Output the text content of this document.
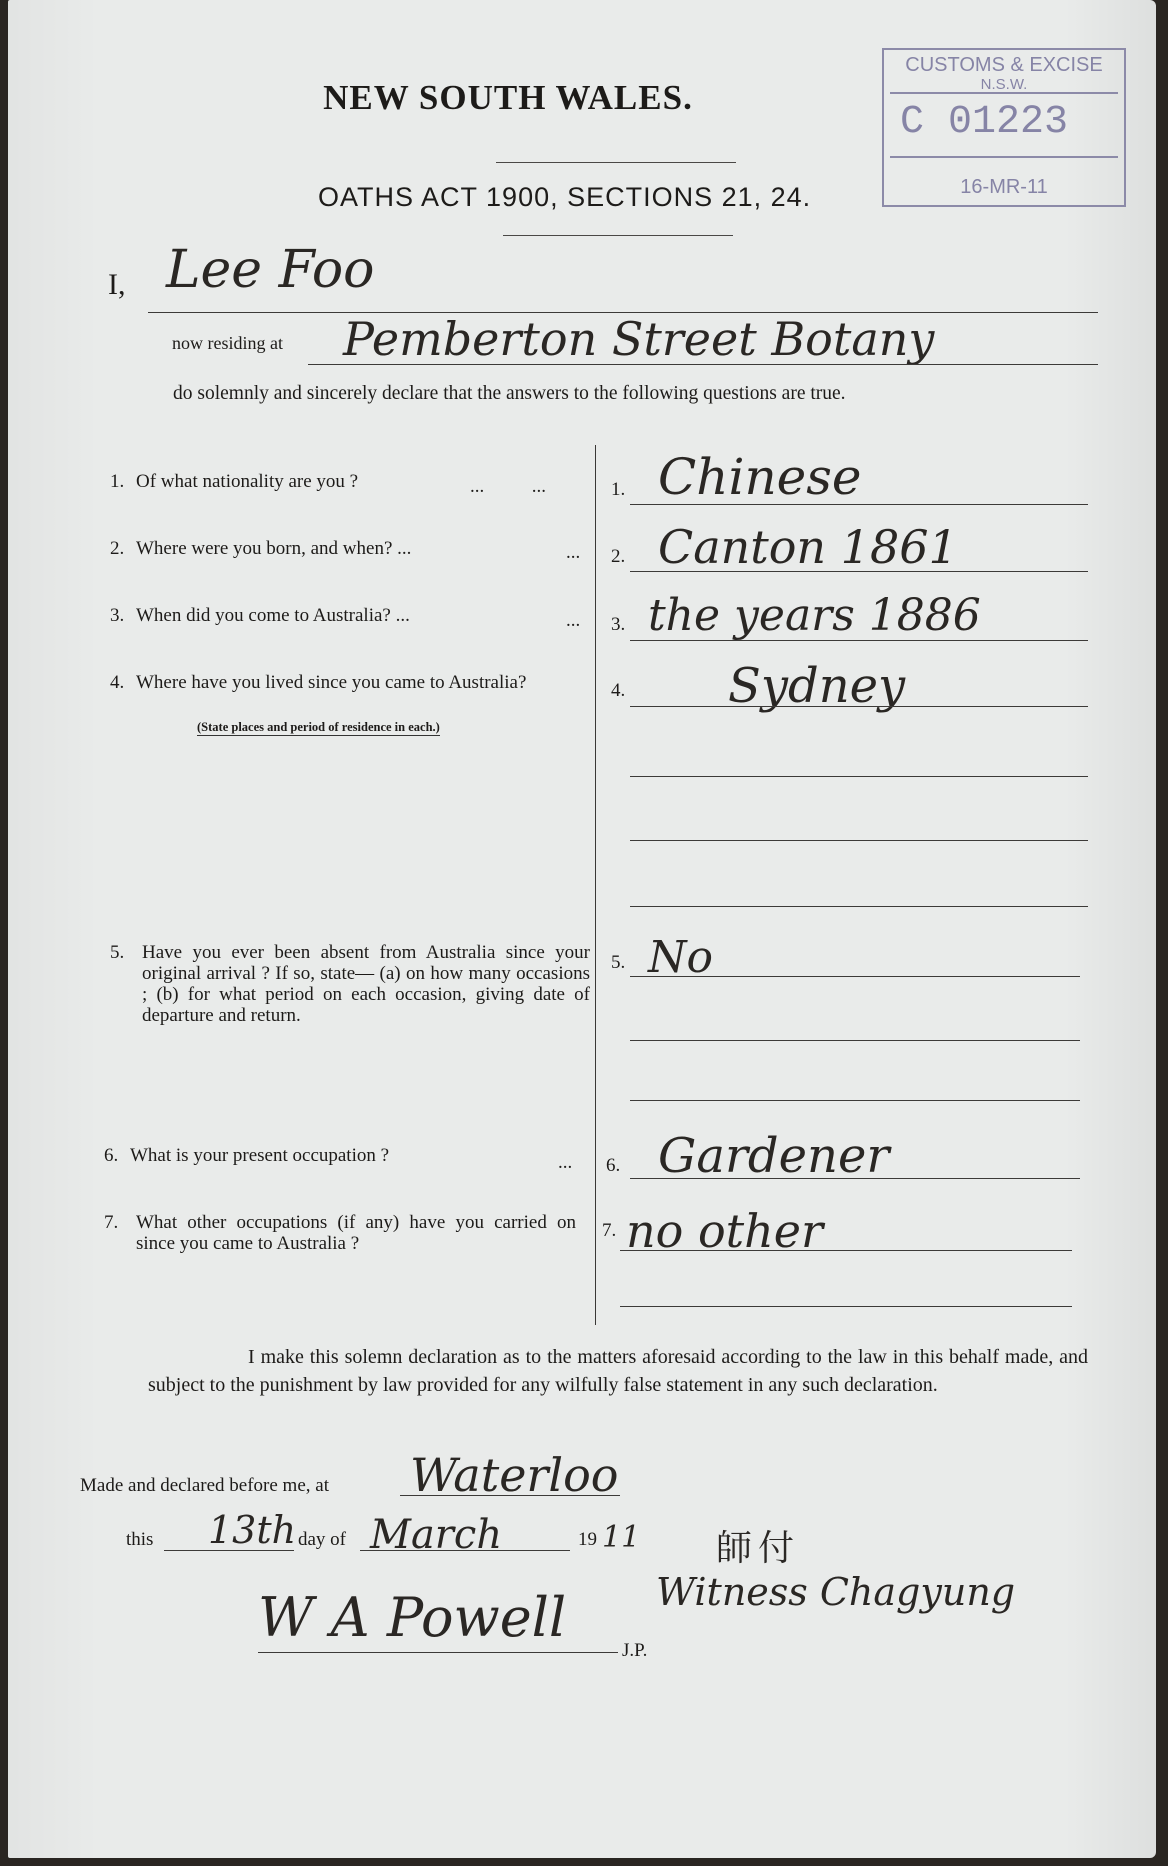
NEW SOUTH WALES.
OATHS ACT 1900, SECTIONS 21, 24.
CUSTOMS & EXCISE
N.S.W.
C 01223
16-MR-11
I, Lee Foo
now residing at Pemberton Street Botany
do solemnly and sincerely declare that the answers to the following questions are true.
1. Of what nationality are you ?	...          ...	1. Chinese
2. Where were you born, and when? ...	... 2. Canton 1861
3. When did you come to Australia? ...	... 3. the years 1886
4. Where have you lived since you came to Australia?
(State places and period of residence in each.)
4. Sydney
5. Have you ever been absent from Australia since your original arrival ? If so, state— (a) on how many occasions ; (b) for what period on each occasion, giving date of departure and return.
5. No
6. What is your present occupation ?	... 6. Gardener
7. What other occupations (if any) have you carried on since you came to Australia ?
7. no other
I make this solemn declaration as to the matters aforesaid according to the law in this behalf made, and subject to the punishment by law provided for any wilfully false statement in any such declaration.
Made and declared before me, at Waterloo
this 13th day of March	19 11 師付
Witness Chagyung
W A Powell
J.P.
